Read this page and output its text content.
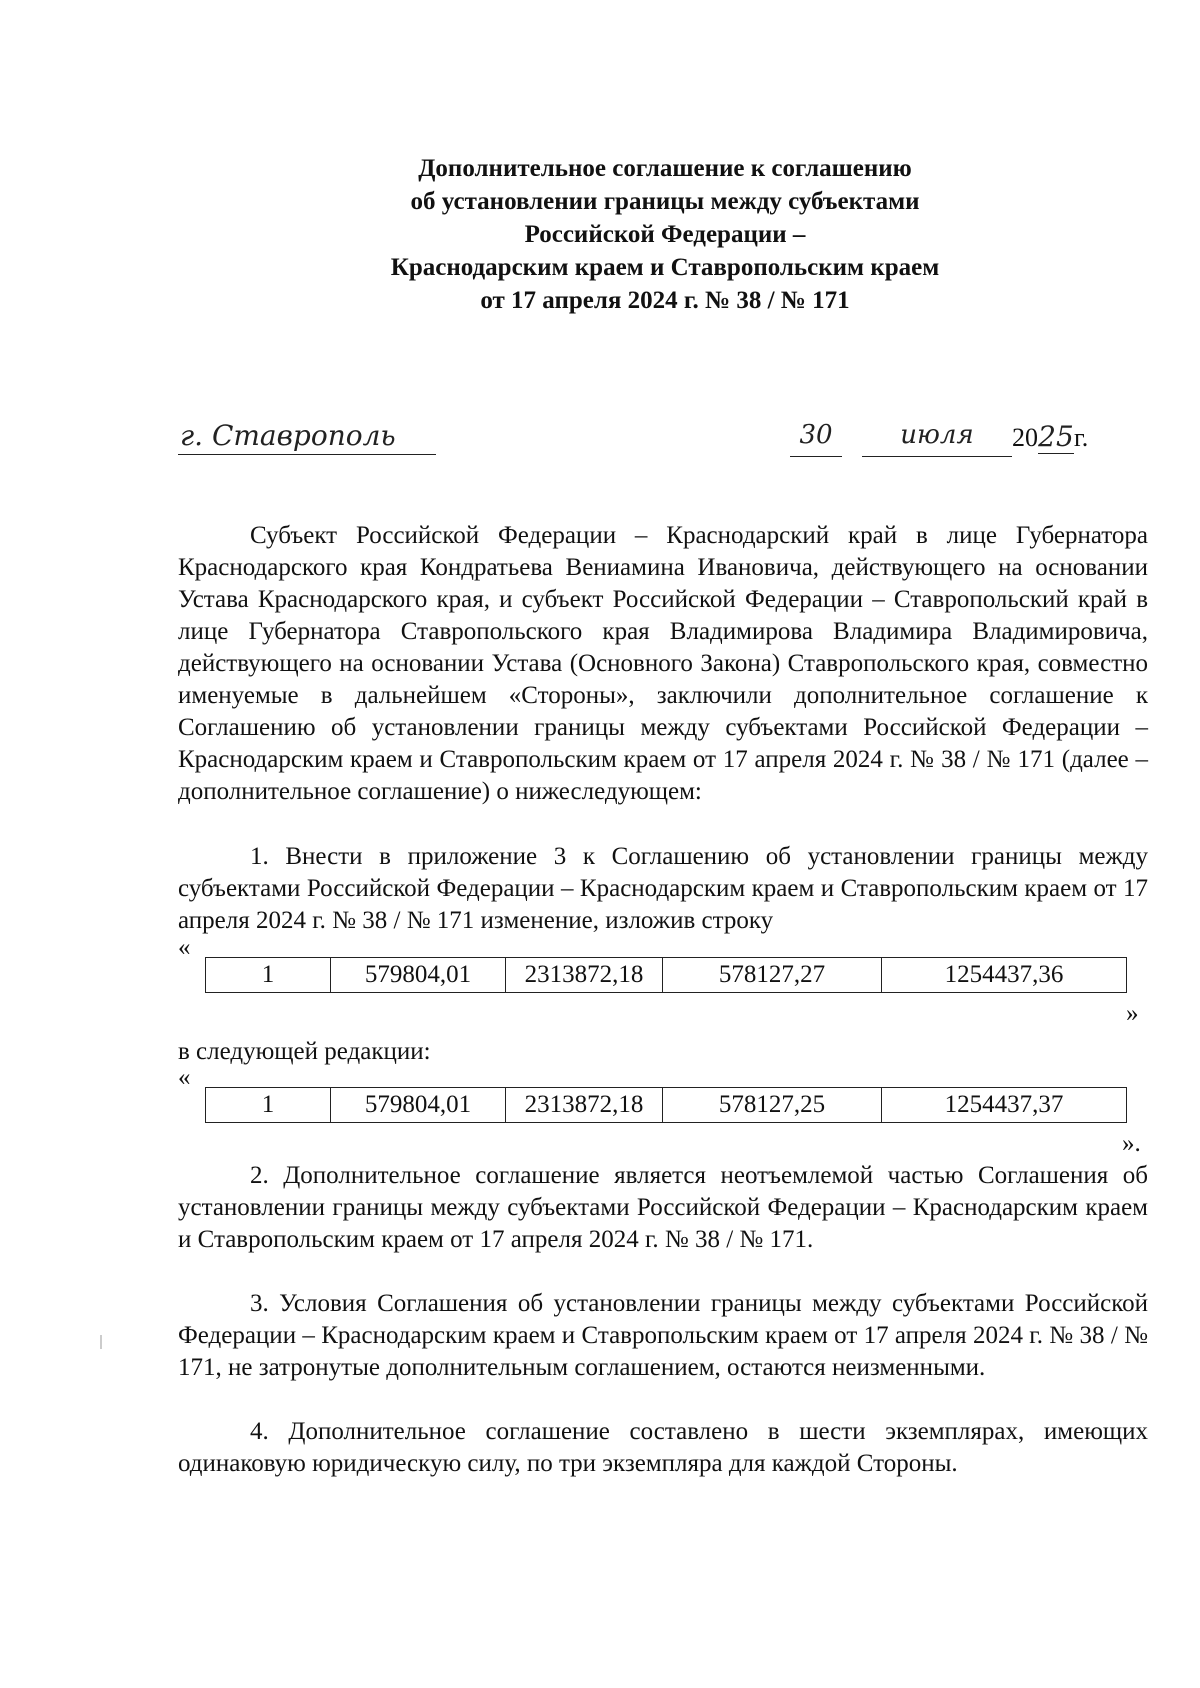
Дополнительное соглашение к соглашению
об установлении границы между субъектами
Российской Федерации –
Краснодарским краем и Ставропольским краем
от 17 апреля 2024 г. № 38 / № 171
г. Ставрополь	30	июля	2025г.
Субъект Российской Федерации – Краснодарский край в лице Губернатора Краснодарского края Кондратьева Вениамина Ивановича, действующего на основании Устава Краснодарского края, и субъект Российской Федерации – Ставропольский край в лице Губернатора Ставропольского края Владимирова Владимира Владимировича, действующего на основании Устава (Основного Закона) Ставропольского края, совместно именуемые в дальнейшем «Стороны», заключили дополнительное соглашение к Соглашению об установлении границы между субъектами Российской Федерации – Краснодарским краем и Ставропольским краем от 17 апреля 2024 г. № 38 / № 171 (далее – дополнительное соглашение) о нижеследующем:
1. Внести в приложение 3 к Соглашению об установлении границы между субъектами Российской Федерации – Краснодарским краем и Ставропольским краем от 17 апреля 2024 г. № 38 / № 171 изменение, изложив строку
«
1	579804,01	2313872,18	578127,27	1254437,36
»
в следующей редакции:
«
1	579804,01	2313872,18	578127,25	1254437,37
».
2. Дополнительное соглашение является неотъемлемой частью Соглашения об установлении границы между субъектами Российской Федерации – Краснодарским краем и Ставропольским краем от 17 апреля 2024 г. № 38 / № 171.
3. Условия Соглашения об установлении границы между субъектами Российской Федерации – Краснодарским краем и Ставропольским краем от 17 апреля 2024 г. № 38 / № 171, не затронутые дополнительным соглашением, остаются неизменными.
4. Дополнительное соглашение составлено в шести экземплярах, имеющих одинаковую юридическую силу, по три экземпляра для каждой Стороны.
